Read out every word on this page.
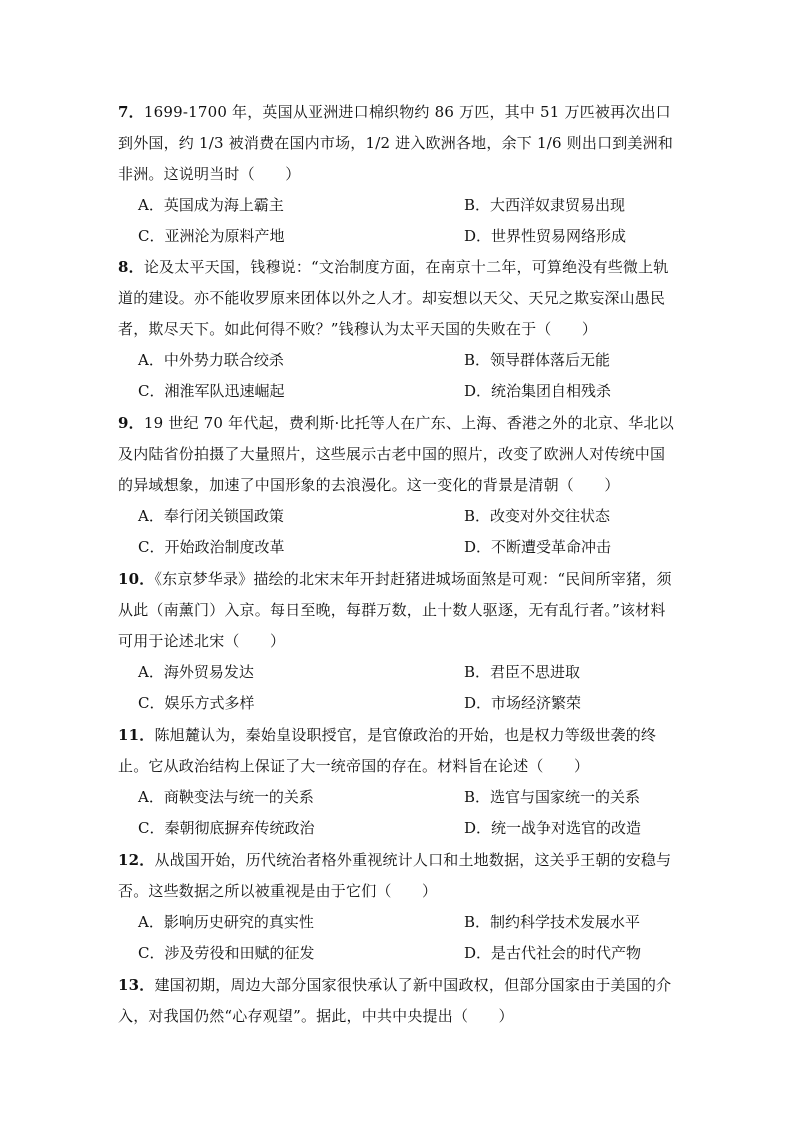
7．1699-1700 年，英国从亚洲进口棉织物约 86 万匹，其中 51 万匹被再次出口到外国，约 1/3 被消费在国内市场，1/2 进入欧洲各地，余下 1/6 则出口到美洲和非洲。这说明当时（　　）
A．英国成为海上霸主	B．大西洋奴隶贸易出现
C．亚洲沦为原料产地	D．世界性贸易网络形成
8．论及太平天国，钱穆说：“文治制度方面，在南京十二年，可算绝没有些微上轨道的建设。亦不能收罗原来团体以外之人才。却妄想以天父、天兄之欺妄深山愚民者，欺尽天下。如此何得不败？”钱穆认为太平天国的失败在于（　　）
A．中外势力联合绞杀	B．领导群体落后无能
C．湘淮军队迅速崛起	D．统治集团自相残杀
9．19 世纪 70 年代起，费利斯·比托等人在广东、上海、香港之外的北京、华北以及内陆省份拍摄了大量照片，这些展示古老中国的照片，改变了欧洲人对传统中国的异域想象，加速了中国形象的去浪漫化。这一变化的背景是清朝（　　）
A．奉行闭关锁国政策	B．改变对外交往状态
C．开始政治制度改革	D．不断遭受革命冲击
10．《东京梦华录》描绘的北宋末年开封赶猪进城场面煞是可观：“民间所宰猪，须从此（南薰门）入京。每日至晚，每群万数，止十数人驱逐，无有乱行者。”该材料可用于论述北宋（　　）
A．海外贸易发达	B．君臣不思进取
C．娱乐方式多样	D．市场经济繁荣
11．陈旭麓认为，秦始皇设职授官，是官僚政治的开始，也是权力等级世袭的终止。它从政治结构上保证了大一统帝国的存在。材料旨在论述（　　）
A．商鞅变法与统一的关系	B．选官与国家统一的关系
C．秦朝彻底摒弃传统政治	D．统一战争对选官的改造
12．从战国开始，历代统治者格外重视统计人口和土地数据，这关乎王朝的安稳与否。这些数据之所以被重视是由于它们（　　）
A．影响历史研究的真实性	B．制约科学技术发展水平
C．涉及劳役和田赋的征发	D．是古代社会的时代产物
13．建国初期，周边大部分国家很快承认了新中国政权，但部分国家由于美国的介入，对我国仍然“心存观望”。据此，中共中央提出（　　）
